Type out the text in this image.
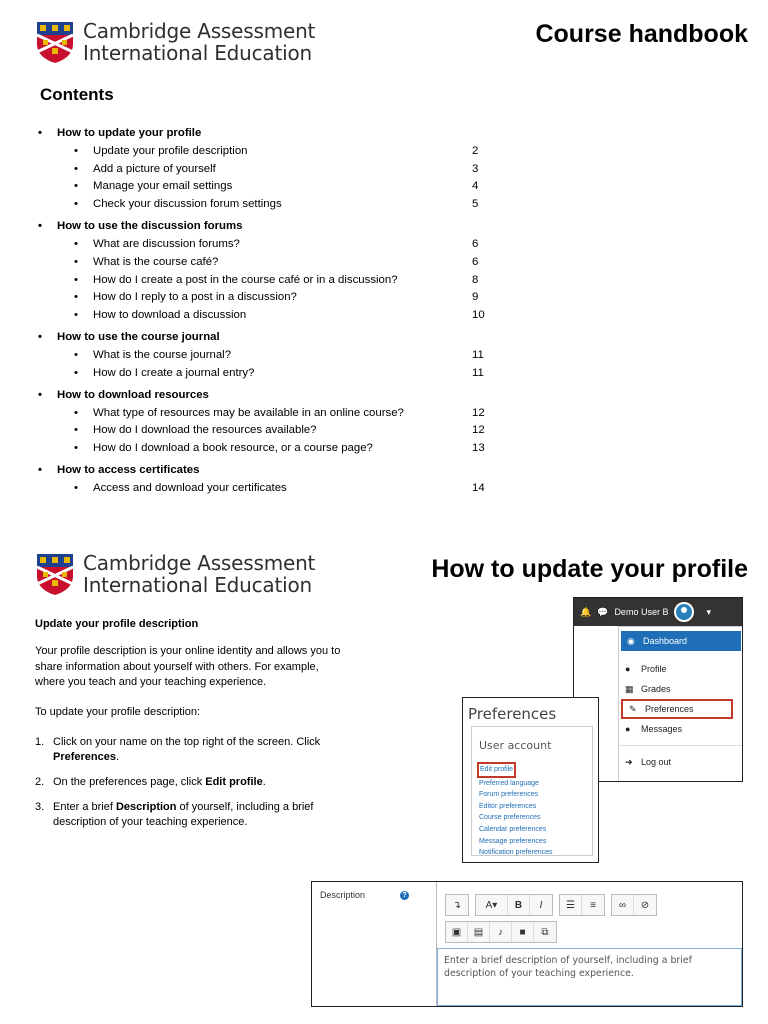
Cambridge Assessment
International Education
Course handbook
Contents
•	How to update your profile
•	Update your profile description	2
•	Add a picture of yourself	3
•	Manage your email settings	4
•	Check your discussion forum settings	5
•	How to use the discussion forums
•	What are discussion forums?	6
•	What is the course café?	6
•	How do I create a post in the course café or in a discussion?	8
•	How do I reply to a post in a discussion?	9
•	How to download a discussion	10
•	How to use the course journal
•	What is the course journal?	11
•	How do I create a journal entry?	11
•	How to download resources
•	What type of resources may be available in an online course?	12
•	How do I download the resources available?	12
•	How do I download a book resource, or a course page?	13
•	How to access certificates
•	Access and download your certificates	14
Cambridge Assessment
International Education
How to update your profile
Update your profile description
Your profile description is your online identity and allows you to share information about yourself with others. For example, where you teach and your teaching experience.
To update your profile description:
1. Click on your name on the top right of the screen. Click Preferences.
2. On the preferences page, click Edit profile.
3. Enter a brief Description of yourself, including a brief description of your teaching experience.
🔔 💬 Demo User B	▾
◉ Dashboard
●	Profile
▦ Grades
✎ Preferences
●	Messages
➜ Log out
Preferences
User account
Edit profile
Preferred language
Forum preferences
Editor preferences
Course preferences
Calendar preferences
Message preferences
Notification preferences
Description	?
↴	A▾	B I	☰	≡	∞	⊘
▣	▤	♪	■	⧉
Enter a brief description of yourself, including a brief description of your teaching experience.
